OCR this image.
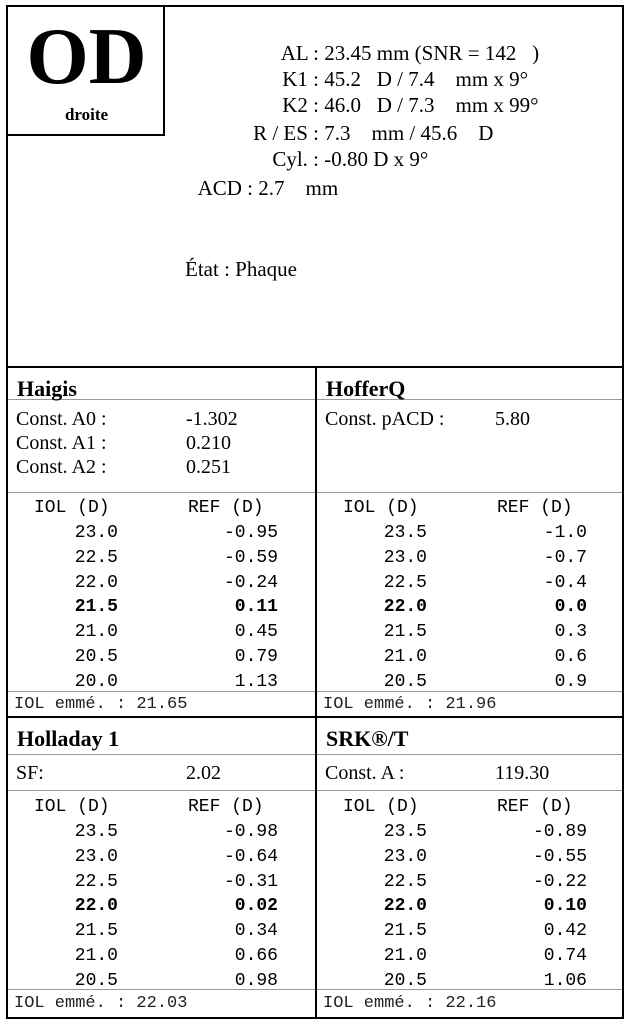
OD
droite

AL : 23.45 mm (SNR = 142   )

K1 : 45.2   D / 7.4    mm x 9°

K2 : 46.0   D / 7.3    mm x 99°

R / ES : 7.3    mm / 45.6    D

Cyl. : -0.80 D x 9°

ACD : 2.7    mm

État : Phaque

Haigis
Const. A0 :	-1.302
Const. A1 :	0.210
Const. A2 :	0.251
IOL (D)	REF (D)
23.0	-0.95
22.5	-0.59
22.0	-0.24
21.5	0.11
21.0	0.45
20.5	0.79
20.0	1.13
IOL emmé. : 21.65
HofferQ
Const. pACD :	5.80
IOL (D)	REF (D)
23.5	-1.0
23.0	-0.7
22.5	-0.4
22.0	0.0
21.5	0.3
21.0	0.6
20.5	0.9
IOL emmé. : 21.96
Holladay 1
SF:	2.02
IOL (D)	REF (D)
23.5	-0.98
23.0	-0.64
22.5	-0.31
22.0	0.02
21.5	0.34
21.0	0.66
20.5	0.98
IOL emmé. : 22.03
SRK®/T
Const. A :	119.30
IOL (D)	REF (D)
23.5	-0.89
23.0	-0.55
22.5	-0.22
22.0	0.10
21.5	0.42
21.0	0.74
20.5	1.06
IOL emmé. : 22.16
